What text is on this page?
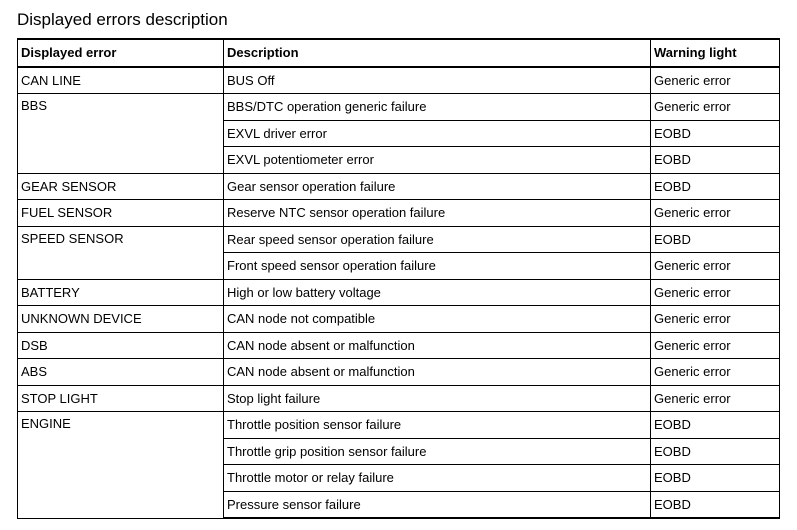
Displayed errors description
Displayed error	Description	Warning light
CAN LINE	BUS Off	Generic error
BBS	BBS/DTC operation generic failure	Generic error
	EXVL driver error	EOBD
	EXVL potentiometer error	EOBD
GEAR SENSOR	Gear sensor operation failure	EOBD
FUEL SENSOR	Reserve NTC sensor operation failure	Generic error
SPEED SENSOR	Rear speed sensor operation failure	EOBD
	Front speed sensor operation failure	Generic error
BATTERY	High or low battery voltage	Generic error
UNKNOWN DEVICE	CAN node not compatible	Generic error
DSB	CAN node absent or malfunction	Generic error
ABS	CAN node absent or malfunction	Generic error
STOP LIGHT	Stop light failure	Generic error
ENGINE	Throttle position sensor failure	EOBD
	Throttle grip position sensor failure	EOBD
	Throttle motor or relay failure	EOBD
	Pressure sensor failure	EOBD
